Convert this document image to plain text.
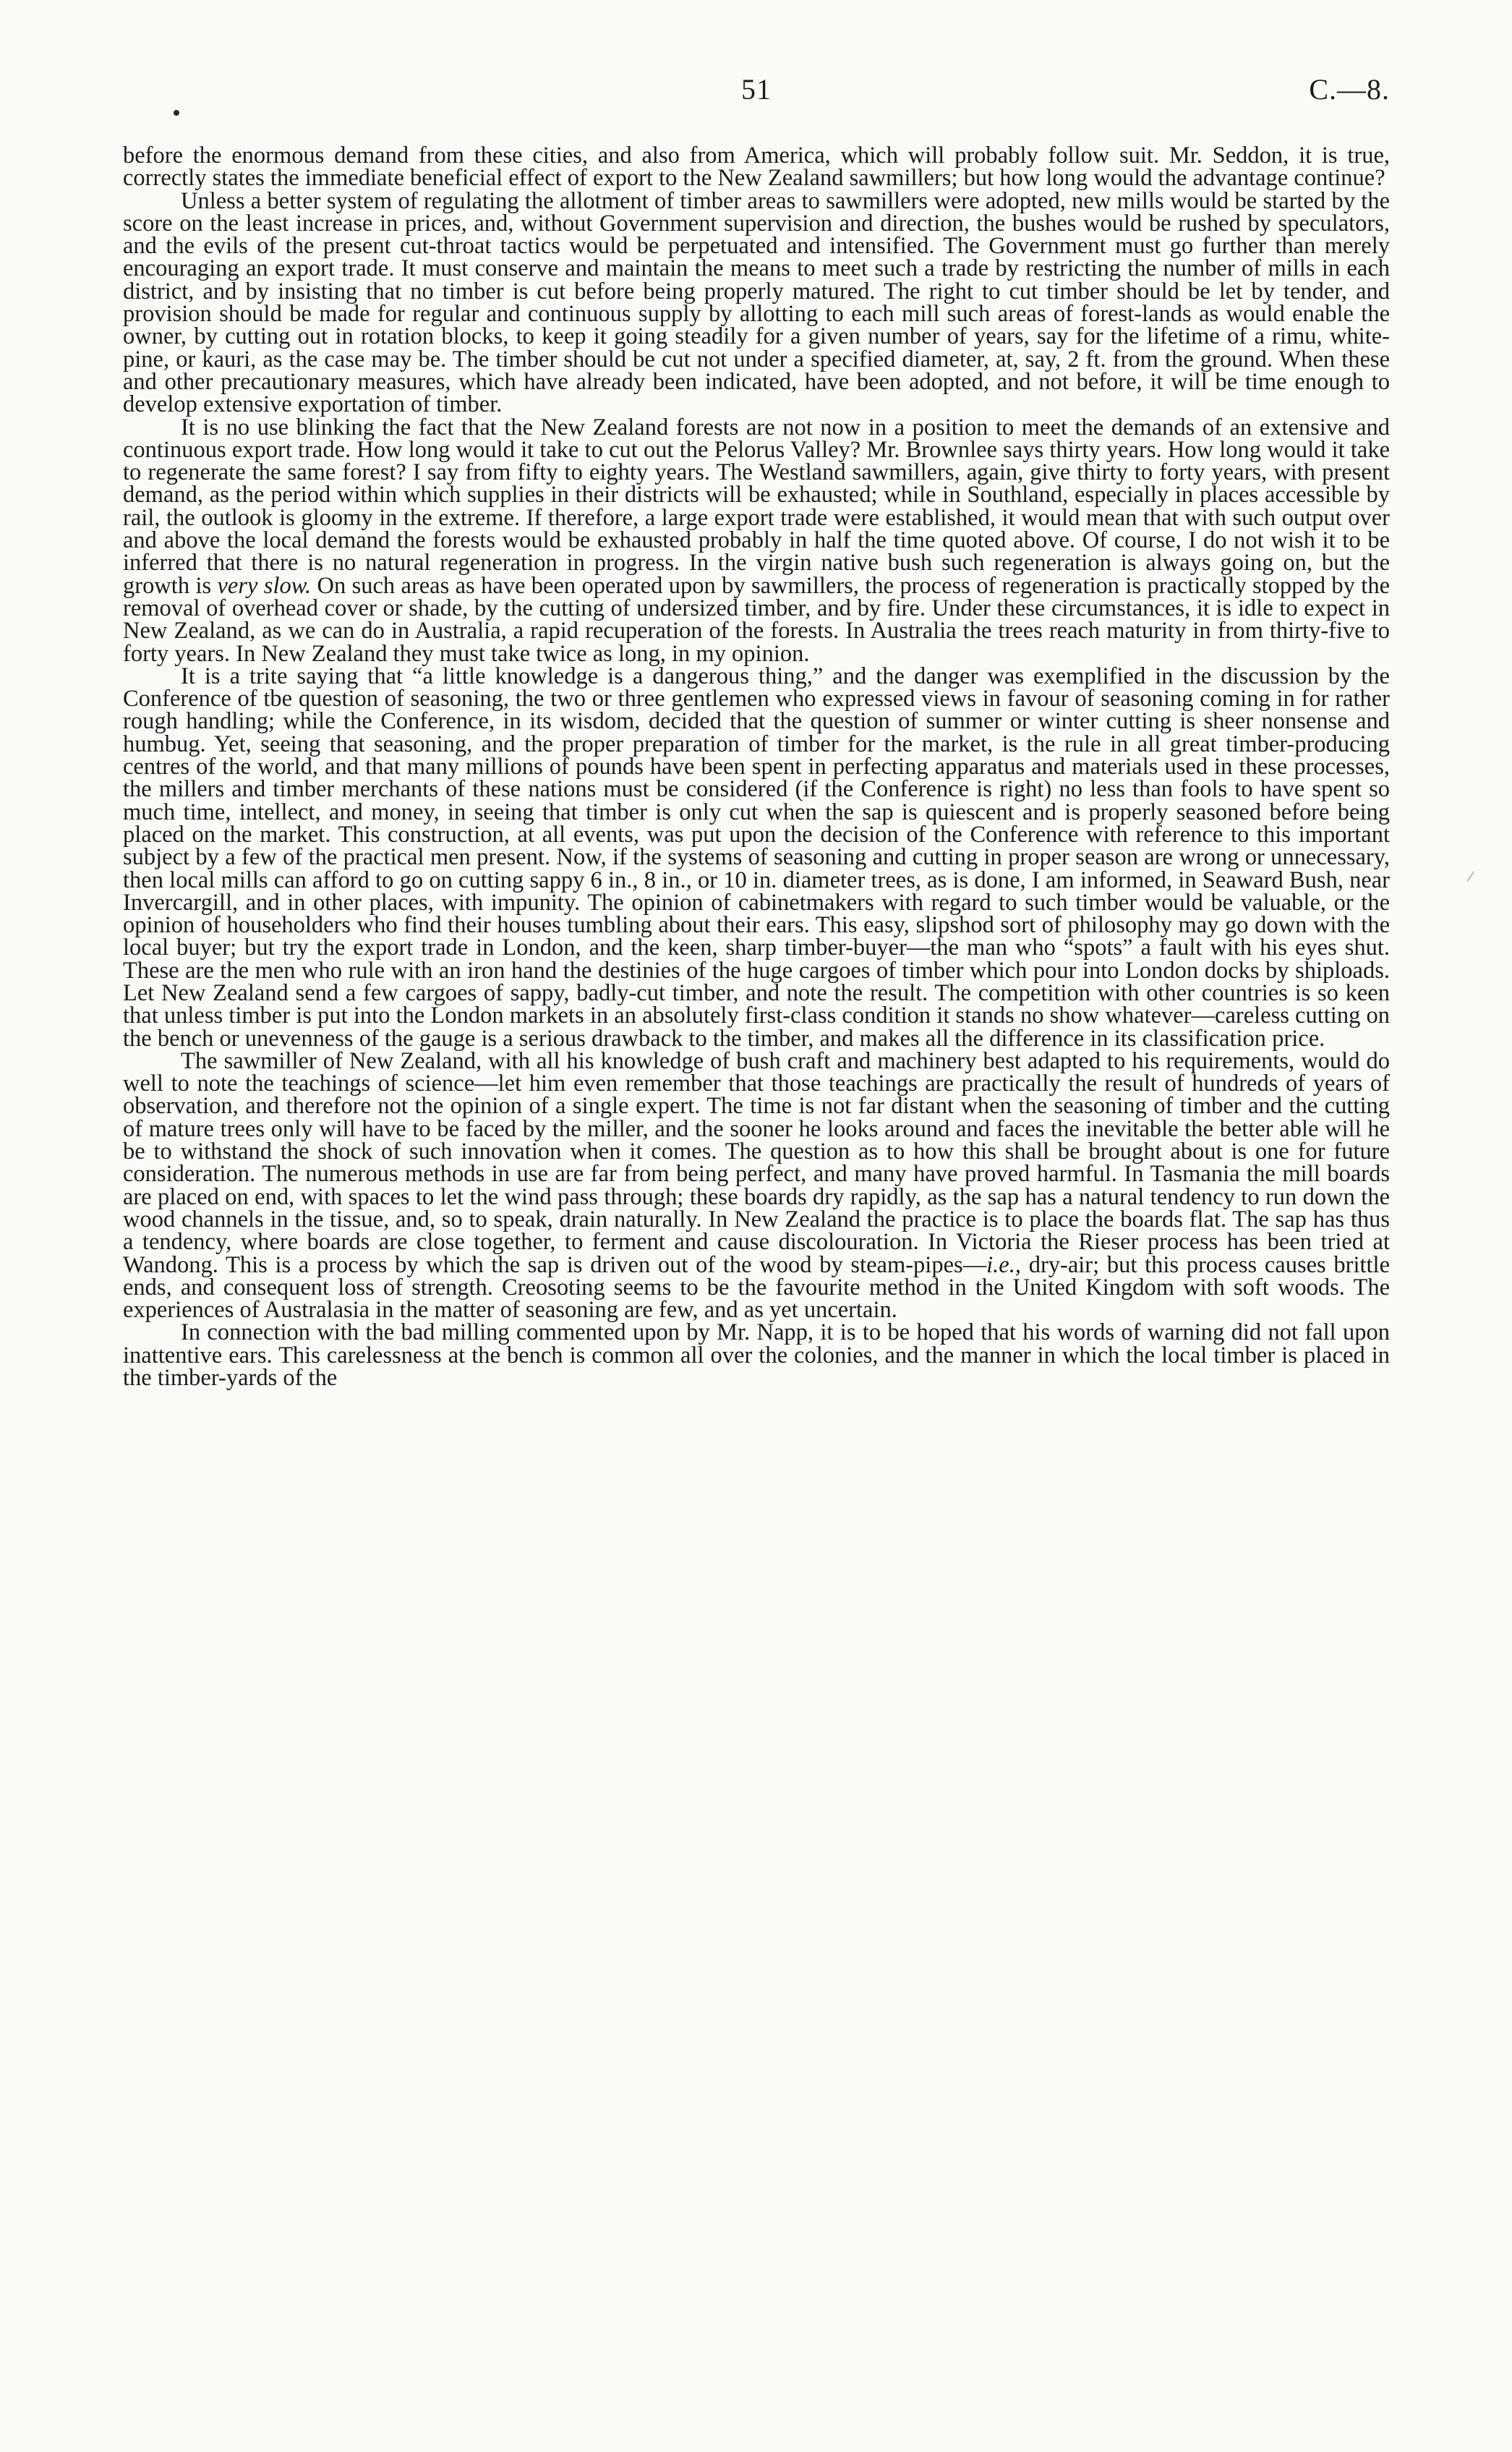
51	C.—8.

before the enormous demand from these cities, and also from America, which will probably follow suit. Mr. Seddon, it is true, correctly states the immediate beneficial effect of export to the New Zealand sawmillers; but how long would the advantage continue?

Unless a better system of regulating the allotment of timber areas to sawmillers were adopted, new mills would be started by the score on the least increase in prices, and, without Government supervision and direction, the bushes would be rushed by speculators, and the evils of the present cut-throat tactics would be perpetuated and intensified. The Government must go further than merely encouraging an export trade. It must conserve and maintain the means to meet such a trade by restricting the number of mills in each district, and by insisting that no timber is cut before being properly matured. The right to cut timber should be let by tender, and provision should be made for regular and continuous supply by allotting to each mill such areas of forest-lands as would enable the owner, by cutting out in rotation blocks, to keep it going steadily for a given number of years, say for the lifetime of a rimu, white-pine, or kauri, as the case may be. The timber should be cut not under a specified diameter, at, say, 2 ft. from the ground. When these and other precautionary measures, which have already been indicated, have been adopted, and not before, it will be time enough to develop extensive exportation of timber.

It is no use blinking the fact that the New Zealand forests are not now in a position to meet the demands of an extensive and continuous export trade. How long would it take to cut out the Pelorus Valley? Mr. Brownlee says thirty years. How long would it take to regenerate the same forest? I say from fifty to eighty years. The Westland sawmillers, again, give thirty to forty years, with present demand, as the period within which supplies in their districts will be exhausted; while in Southland, especially in places accessible by rail, the outlook is gloomy in the extreme. If therefore, a large export trade were established, it would mean that with such output over and above the local demand the forests would be exhausted probably in half the time quoted above. Of course, I do not wish it to be inferred that there is no natural regeneration in progress. In the virgin native bush such regeneration is always going on, but the growth is very slow. On such areas as have been operated upon by sawmillers, the process of regeneration is practically stopped by the removal of overhead cover or shade, by the cutting of undersized timber, and by fire. Under these circumstances, it is idle to expect in New Zealand, as we can do in Australia, a rapid recuperation of the forests. In Australia the trees reach maturity in from thirty-five to forty years. In New Zealand they must take twice as long, in my opinion.

It is a trite saying that “a little knowledge is a dangerous thing,” and the danger was exemplified in the discussion by the Conference of tbe question of seasoning, the two or three gentlemen who expressed views in favour of seasoning coming in for rather rough handling; while the Conference, in its wisdom, decided that the question of summer or winter cutting is sheer nonsense and humbug. Yet, seeing that seasoning, and the proper preparation of timber for the market, is the rule in all great timber-producing centres of the world, and that many millions of pounds have been spent in perfecting apparatus and materials used in these processes, the millers and timber merchants of these nations must be considered (if the Conference is right) no less than fools to have spent so much time, intellect, and money, in seeing that timber is only cut when the sap is quiescent and is properly seasoned before being placed on the market. This construction, at all events, was put upon the decision of the Conference with reference to this important subject by a few of the practical men present. Now, if the systems of seasoning and cutting in proper season are wrong or unnecessary, then local mills can afford to go on cutting sappy 6 in., 8 in., or 10 in. diameter trees, as is done, I am informed, in Seaward Bush, near Invercargill, and in other places, with impunity. The opinion of cabinetmakers with regard to such timber would be valuable, or the opinion of householders who find their houses tumbling about their ears. This easy, slipshod sort of philosophy may go down with the local buyer; but try the export trade in London, and the keen, sharp timber-buyer—the man who “spots” a fault with his eyes shut. These are the men who rule with an iron hand the destinies of the huge cargoes of timber which pour into London docks by shiploads. Let New Zealand send a few cargoes of sappy, badly-cut timber, and note the result. The competition with other countries is so keen that unless timber is put into the London markets in an absolutely first-class condition it stands no show whatever—careless cutting on the bench or unevenness of the gauge is a serious drawback to the timber, and makes all the difference in its classification price.

The sawmiller of New Zealand, with all his knowledge of bush craft and machinery best adapted to his requirements, would do well to note the teachings of science—let him even remember that those teachings are practically the result of hundreds of years of observation, and therefore not the opinion of a single expert. The time is not far distant when the seasoning of timber and the cutting of mature trees only will have to be faced by the miller, and the sooner he looks around and faces the inevitable the better able will he be to withstand the shock of such innovation when it comes. The question as to how this shall be brought about is one for future consideration. The numerous methods in use are far from being perfect, and many have proved harmful. In Tasmania the mill boards are placed on end, with spaces to let the wind pass through; these boards dry rapidly, as the sap has a natural tendency to run down the wood channels in the tissue, and, so to speak, drain naturally. In New Zealand the practice is to place the boards flat. The sap has thus a tendency, where boards are close together, to ferment and cause discolouration. In Victoria the Rieser process has been tried at Wandong. This is a process by which the sap is driven out of the wood by steam-pipes—i.e., dry-air; but this process causes brittle ends, and consequent loss of strength. Creosoting seems to be the favourite method in the United Kingdom with soft woods. The experiences of Australasia in the matter of seasoning are few, and as yet uncertain.

In connection with the bad milling commented upon by Mr. Napp, it is to be hoped that his words of warning did not fall upon inattentive ears. This carelessness at the bench is common all over the colonies, and the manner in which the local timber is placed in the timber-yards of the
